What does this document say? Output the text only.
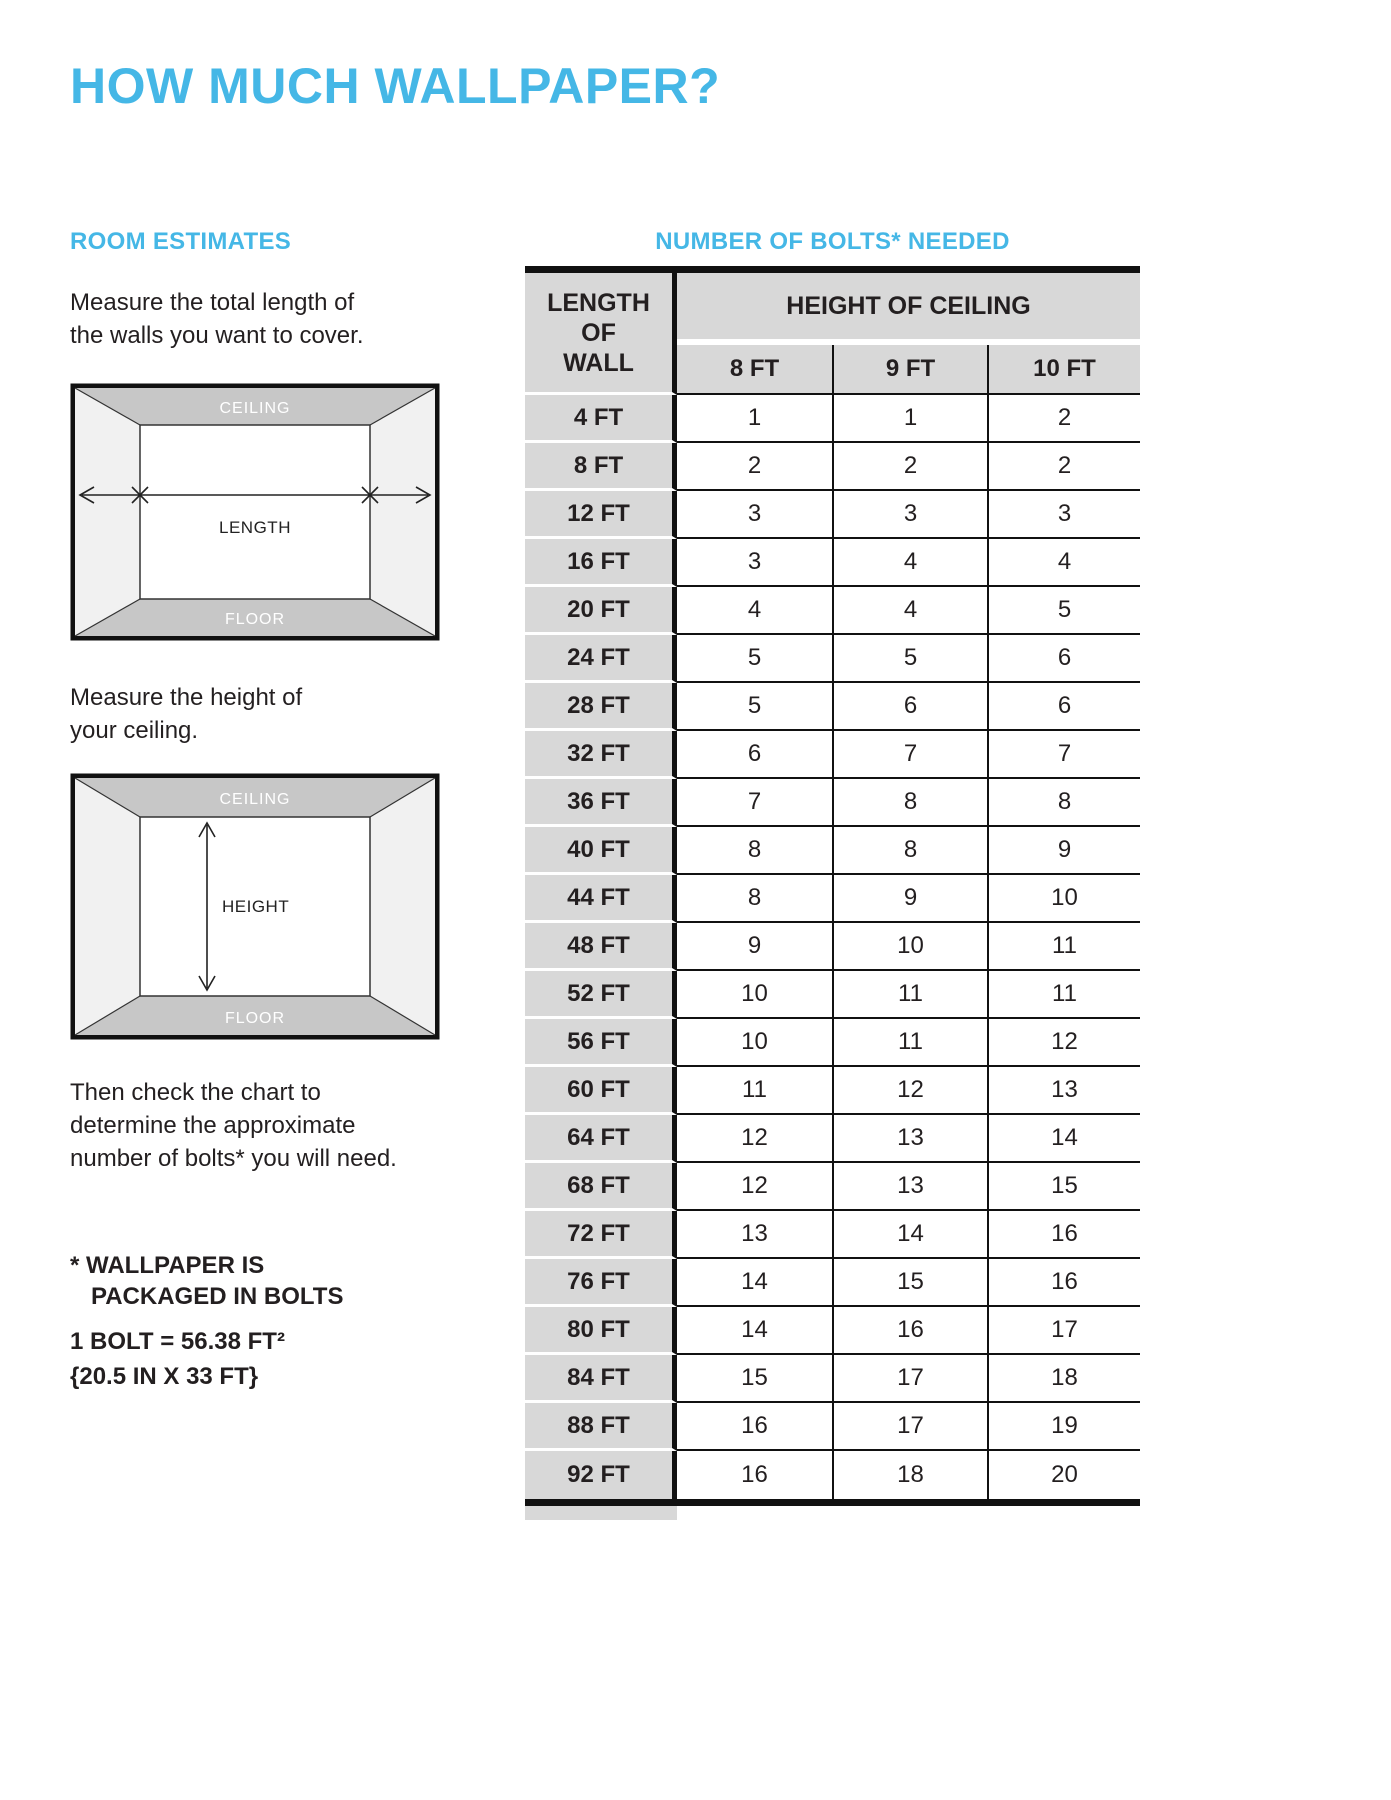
HOW MUCH WALLPAPER?
ROOM ESTIMATES	NUMBER OF BOLTS* NEEDED
Measure the total length of
the walls you want to cover.
CEILING
FLOOR
LENGTH
Measure the height of
your ceiling.
CEILING
FLOOR
HEIGHT
Then check the chart to
determine the approximate
number of bolts* you will need.
* WALLPAPER IS
PACKAGED IN BOLTS
1 BOLT = 56.38 FT²
{20.5 IN X 33 FT}
LENGTH OF WALL
HEIGHT OF CEILING
8 FT	9 FT	10 FT
4 FT	1	1	2
8 FT	2	2	2
12 FT	3	3	3
16 FT	3	4	4
20 FT	4	4	5
24 FT	5	5	6
28 FT	5	6	6
32 FT	6	7	7
36 FT	7	8	8
40 FT	8	8	9
44 FT	8	9	10
48 FT	9	10	11
52 FT	10	11	11
56 FT	10	11	12
60 FT	11	12	13
64 FT	12	13	14
68 FT	12	13	15
72 FT	13	14	16
76 FT	14	15	16
80 FT	14	16	17
84 FT	15	17	18
88 FT	16	17	19
92 FT	16	18	20
